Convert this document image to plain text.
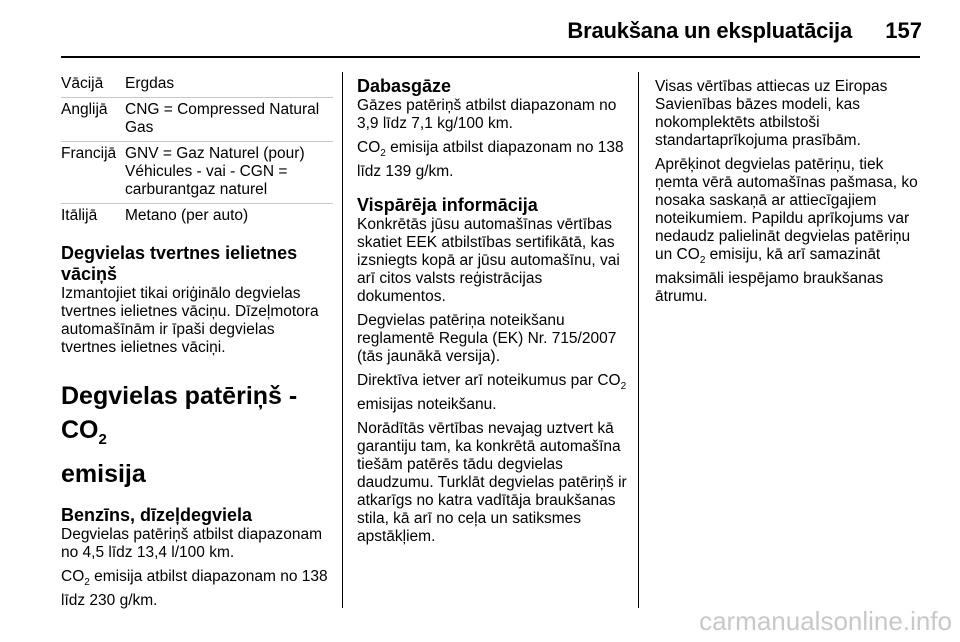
Braukšana un ekspluatācija	157
Vācijā	Ergdas
Anglijā	CNG = Compressed Natural Gas
Francijā	GNV = Gaz Naturel (pour) Véhicules - vai - CGN = carburantgaz naturel
Itālijā	Metano (per auto)
Degvielas tvertnes ielietnes vāciņš

Izmantojiet tikai oriģinālo degvielas tvertnes ielietnes vāciņu. Dīzeļmotora automašīnām ir īpaši degvielas tvertnes ielietnes vāciņi.

Degvielas patēriņš - $CO_2$
emisija
Benzīns, dīzeļdegviela

Degvielas patēriņš atbilst diapazonam no 4,5 līdz 13,4 l/100 km.

$CO_2$ emisija atbilst diapazonam no 138 līdz 230 g/km.

Dabasgāze

Gāzes patēriņš atbilst diapazonam no 3,9 līdz 7,1 kg/100 km.

$CO_2$ emisija atbilst diapazonam no 138 līdz 139 g/km.

Vispārēja informācija

Konkrētās jūsu automašīnas vērtības skatiet EEK atbilstības sertifikātā, kas izsniegts kopā ar jūsu automašīnu, vai arī citos valsts reģistrācijas dokumentos.

Degvielas patēriņa noteikšanu reglamentē Regula (EK) Nr. 715/2007 (tās jaunākā versija).

Direktīva ietver arī noteikumus par $CO_2$ emisijas noteikšanu.

Norādītās vērtības nevajag uztvert kā garantiju tam, ka konkrētā automašīna tiešām patērēs tādu degvielas daudzumu. Turklāt degvielas patēriņš ir atkarīgs no katra vadītāja braukšanas stila, kā arī no ceļa un satiksmes apstākļiem.

Visas vērtības attiecas uz Eiropas Savienības bāzes modeli, kas nokomplektēts atbilstoši standartaprīkojuma prasībām.

Aprēķinot degvielas patēriņu, tiek ņemta vērā automašīnas pašmasa, ko nosaka saskaņā ar attiecīgajiem noteikumiem. Papildu aprīkojums var nedaudz palielināt degvielas patēriņu un $CO_2$ emisiju, kā arī samazināt maksimāli iespējamo braukšanas ātrumu.

carmanualsonline.info
